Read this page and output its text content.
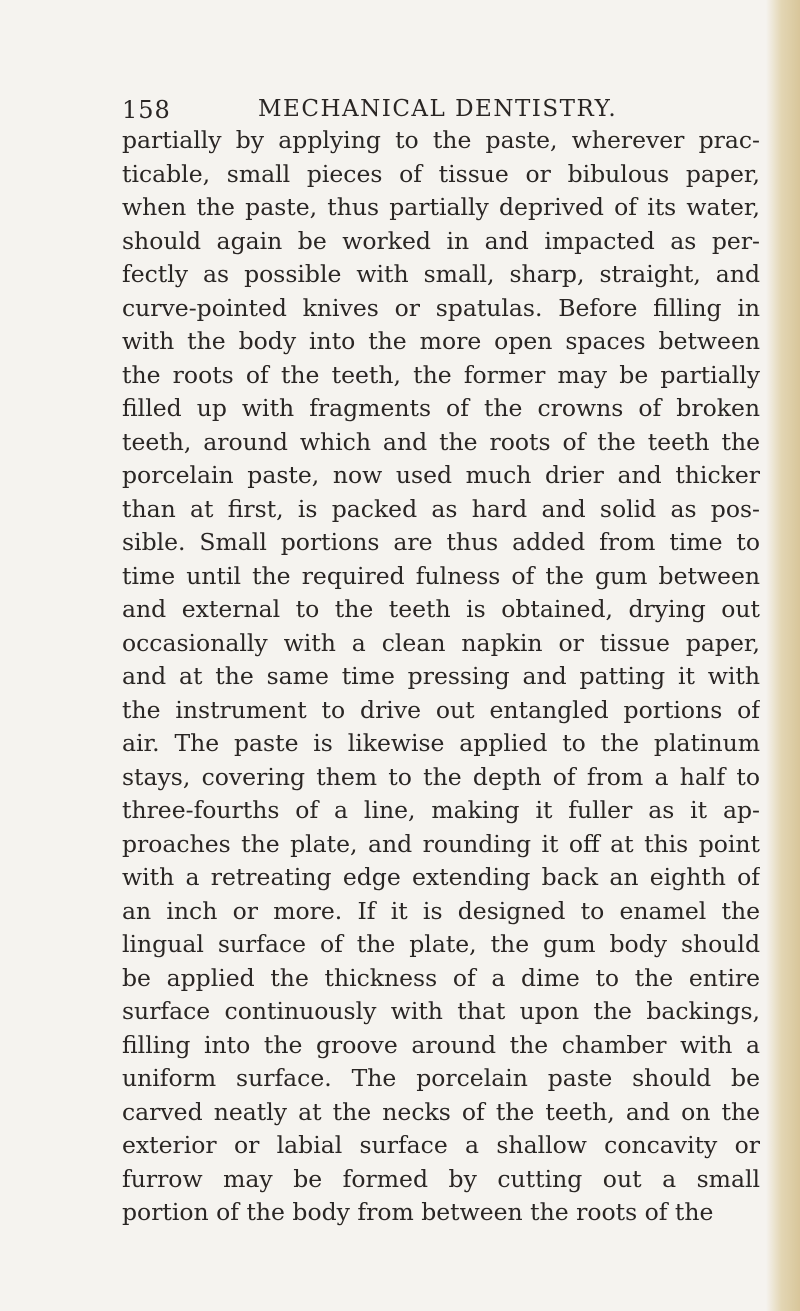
158	MECHANICAL DENTISTRY.
partially by applying to the paste, wherever prac-
ticable, small pieces of tissue or bibulous paper,
when the paste, thus partially deprived of its water,
should again be worked in and impacted as per-
fectly as possible with small, sharp, straight, and
curve-pointed knives or spatulas. Before filling in
with the body into the more open spaces between
the roots of the teeth, the former may be partially
filled up with fragments of the crowns of broken
teeth, around which and the roots of the teeth the
porcelain paste, now used much drier and thicker
than at first, is packed as hard and solid as pos-
sible. Small portions are thus added from time to
time until the required fulness of the gum between
and external to the teeth is obtained, drying out
occasionally with a clean napkin or tissue paper,
and at the same time pressing and patting it with
the instrument to drive out entangled portions of
air. The paste is likewise applied to the platinum
stays, covering them to the depth of from a half to
three-fourths of a line, making it fuller as it ap-
proaches the plate, and rounding it off at this point
with a retreating edge extending back an eighth of
an inch or more. If it is designed to enamel the
lingual surface of the plate, the gum body should
be applied the thickness of a dime to the entire
surface continuously with that upon the backings,
filling into the groove around the chamber with a
uniform surface. The porcelain paste should be
carved neatly at the necks of the teeth, and on the
exterior or labial surface a shallow concavity or
furrow may be formed by cutting out a small
portion of the body from between the roots of the
